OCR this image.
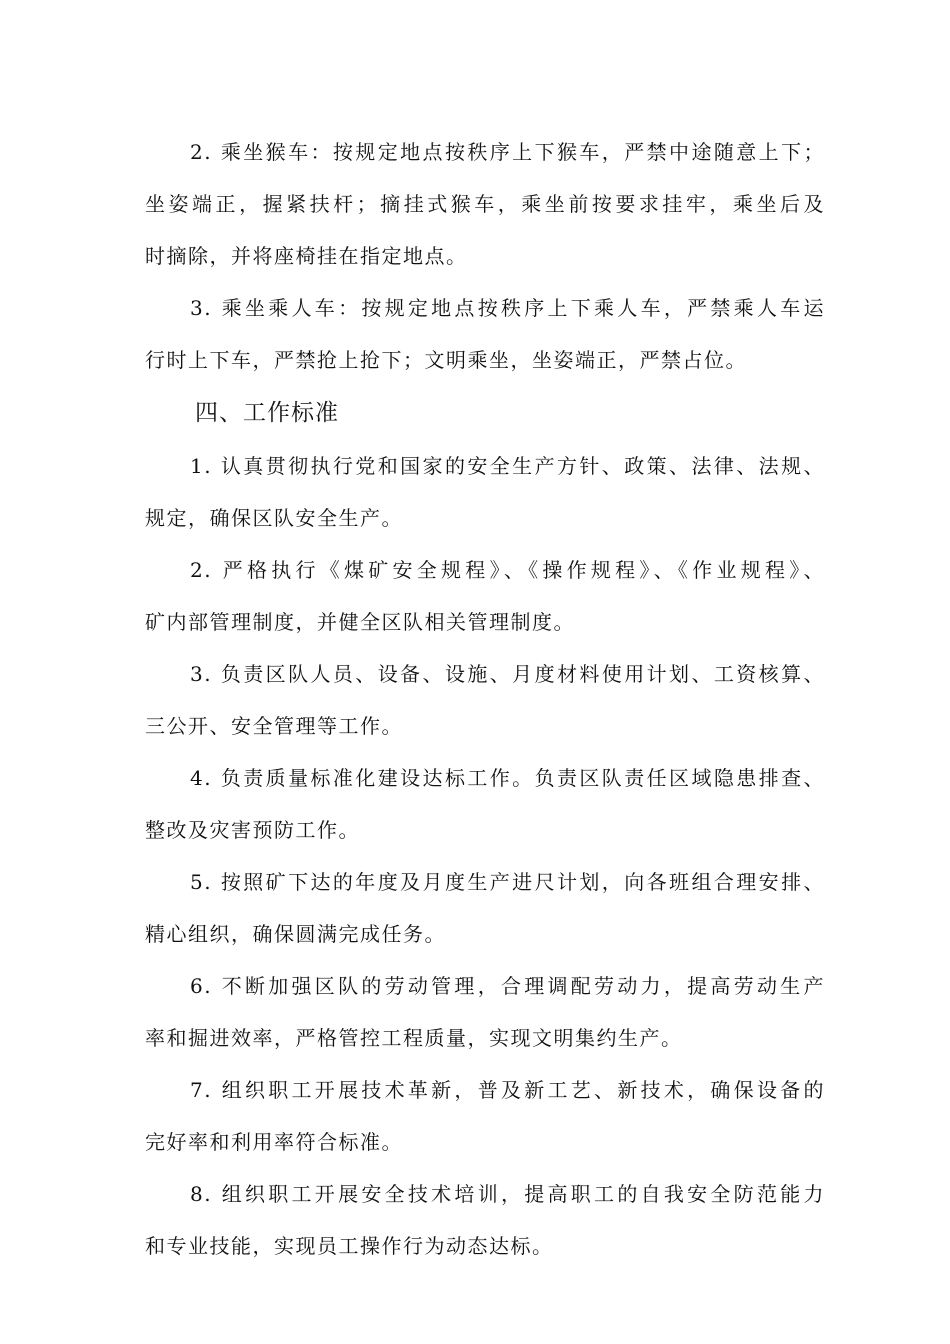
2. 乘坐猴车：按规定地点按秩序上下猴车，严禁中途随意上下；
坐姿端正，握紧扶杆；摘挂式猴车，乘坐前按要求挂牢，乘坐后及
时摘除，并将座椅挂在指定地点。
3. 乘坐乘人车：按规定地点按秩序上下乘人车，严禁乘人车运
行时上下车，严禁抢上抢下；文明乘坐，坐姿端正，严禁占位。
四、工作标准
1. 认真贯彻执行党和国家的安全生产方针、政策、法律、法规、
规定，确保区队安全生产。
2. 严格执行《煤矿安全规程》、《操作规程》、《作业规程》、
矿内部管理制度，并健全区队相关管理制度。
3. 负责区队人员、设备、设施、月度材料使用计划、工资核算、
三公开、安全管理等工作。
4. 负责质量标准化建设达标工作。负责区队责任区域隐患排查、
整改及灾害预防工作。
5. 按照矿下达的年度及月度生产进尺计划，向各班组合理安排、
精心组织，确保圆满完成任务。
6. 不断加强区队的劳动管理，合理调配劳动力，提高劳动生产
率和掘进效率，严格管控工程质量，实现文明集约生产。
7. 组织职工开展技术革新，普及新工艺、新技术，确保设备的
完好率和利用率符合标准。
8. 组织职工开展安全技术培训，提高职工的自我安全防范能力
和专业技能，实现员工操作行为动态达标。
